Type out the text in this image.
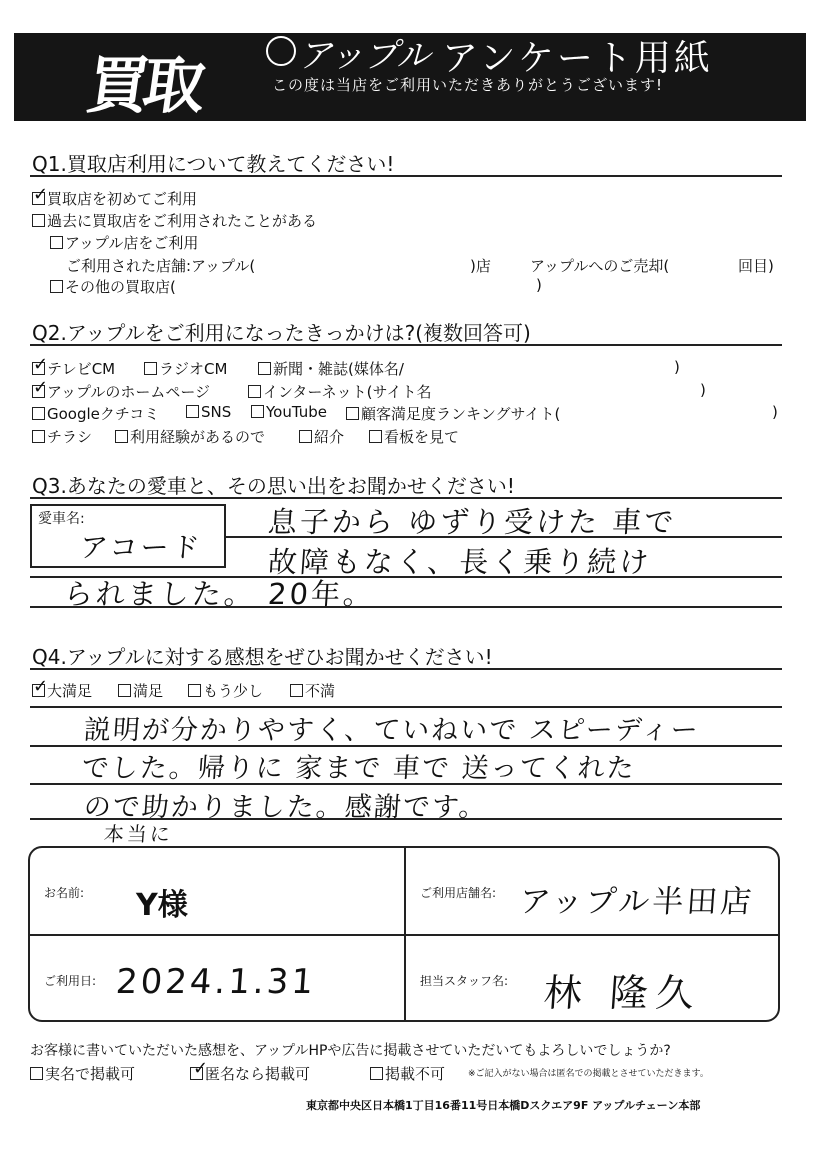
買取	アップル アンケート用紙
この度は当店をご利用いただきありがとうございます!
Q1.買取店利用について教えてください!
買取店を初めてご利用
✓
過去に買取店をご利用されたことがある
アップル店をご利用
ご利用された店舗:アップル(	)店	アップルへのご売却(	回目)
その他の買取店(	)
Q2.アップルをご利用になったきっかけは?(複数回答可)
テレビCM
✓	ラジオCM	新聞・雑誌(媒体名/	)
アップルのホームページ
✓	インターネット(サイト名	)
Googleクチコミ	SNS	YouTube	顧客満足度ランキングサイト(	)
チラシ	利用経験があるので	紹介	看板を見て
Q3.あなたの愛車と、その思い出をお聞かせください!
愛車名:
アコード
息子から ゆずり受けた 車で
故障もなく、長く乗り続け
られました。 20年。
Q4.アップルに対する感想をぜひお聞かせください!
大満足
✓	満足	もう少し	不満
説明が分かりやすく、ていねいで スピーディー
でした。帰りに 家まで 車で 送ってくれた
ので助かりました。感謝です。
本当に
お名前: Y様	ご利用店舗名: アップル半田店
ご利用日: 2024.1.31	担当スタッフ名: 林 隆久
お客様に書いていただいた感想を、アップルHPや広告に掲載させていただいてもよろしいでしょうか?
実名で掲載可	匿名なら掲載可
✓	掲載不可	※ご記入がない場合は匿名での掲載とさせていただきます。
東京都中央区日本橋1丁目16番11号日本橋Dスクエア9F アップルチェーン本部
